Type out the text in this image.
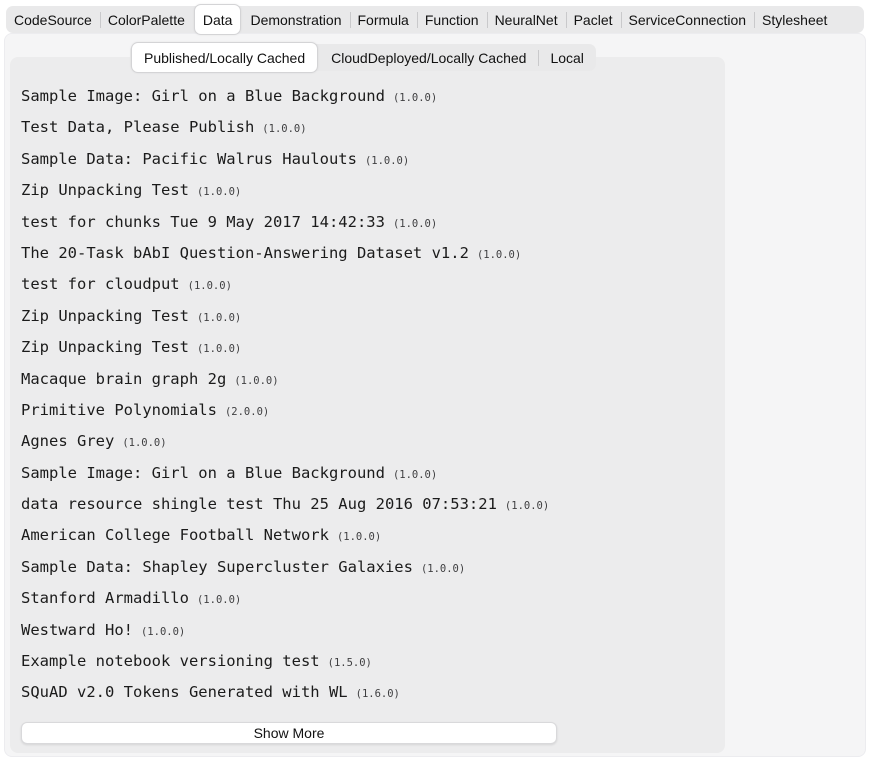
CodeSource ColorPalette Data Demonstration Formula Function NeuralNet Paclet ServiceConnection Stylesheet
Published/Locally Cached CloudDeployed/Locally Cached Local
Sample Image: Girl on a Blue Background (1.0.0)
Test Data, Please Publish (1.0.0)
Sample Data: Pacific Walrus Haulouts (1.0.0)
Zip Unpacking Test (1.0.0)
test for chunks Tue 9 May 2017 14:42:33 (1.0.0)
The 20-Task bAbI Question-Answering Dataset v1.2 (1.0.0)
test for cloudput (1.0.0)
Zip Unpacking Test (1.0.0)
Zip Unpacking Test (1.0.0)
Macaque brain graph 2g (1.0.0)
Primitive Polynomials (2.0.0)
Agnes Grey (1.0.0)
Sample Image: Girl on a Blue Background (1.0.0)
data resource shingle test Thu 25 Aug 2016 07:53:21 (1.0.0)
American College Football Network (1.0.0)
Sample Data: Shapley Supercluster Galaxies (1.0.0)
Stanford Armadillo (1.0.0)
Westward Ho! (1.0.0)
Example notebook versioning test (1.5.0)
SQuAD v2.0 Tokens Generated with WL (1.6.0)
Show More
